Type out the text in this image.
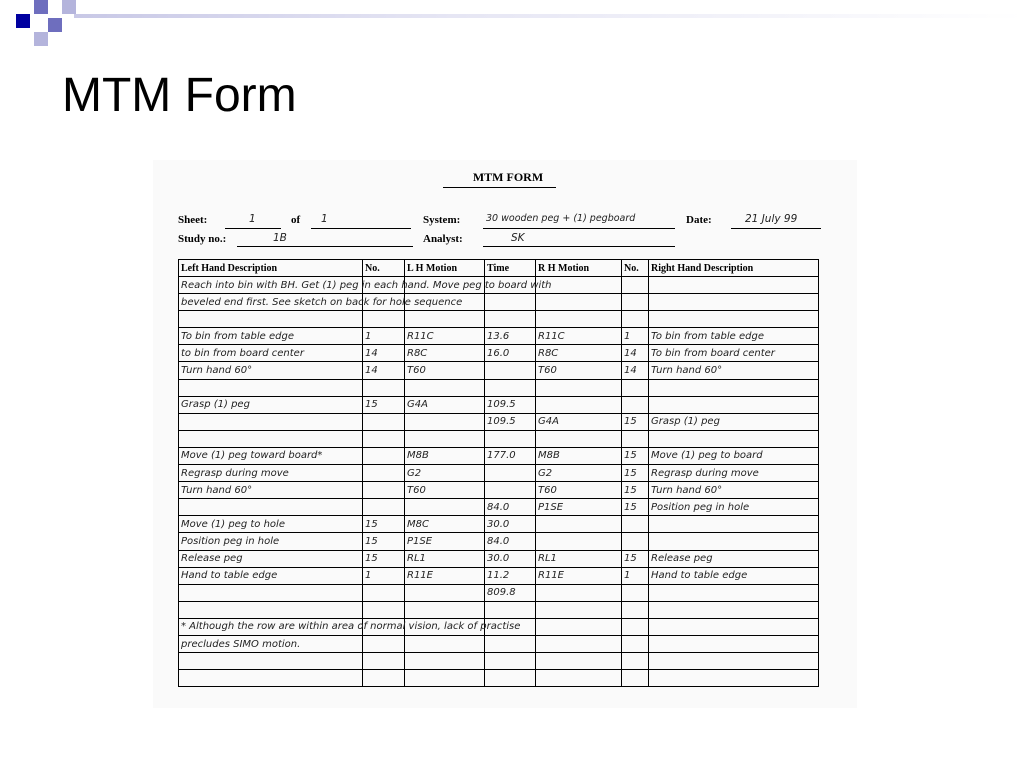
MTM Form
MTM FORM
Sheet:	1	of 1	System:	30 wooden peg + (1) pegboard	Date:	21 July 99
Study no.:	1B	Analyst:	SK
Left Hand Description	No.	L H Motion	Time	R H Motion	No.	Right Hand Description
Reach into bin with BH. Get (1) peg in each hand. Move peg to board with						
beveled end first. See sketch on back for hole sequence						

To bin from table edge	1	R11C	13.6	R11C	1	To bin from table edge
to bin from board center	14	R8C	16.0	R8C	14	To bin from board center
Turn hand 60°	14	T60		T60	14	Turn hand 60°

Grasp (1) peg	15	G4A	109.5			
			109.5	G4A	15	Grasp (1) peg

Move (1) peg toward board*		M8B	177.0	M8B	15	Move (1) peg to board
Regrasp during move		G2		G2	15	Regrasp during move
Turn hand 60°		T60		T60	15	Turn hand 60°
			84.0	P1SE	15	Position peg in hole
Move (1) peg to hole	15	M8C	30.0			
Position peg in hole	15	P1SE	84.0			
Release peg	15	RL1	30.0	RL1	15	Release peg
Hand to table edge	1	R11E	11.2	R11E	1	Hand to table edge
			809.8			

* Although the row are within area of normal vision, lack of practise						
precludes SIMO motion.						
